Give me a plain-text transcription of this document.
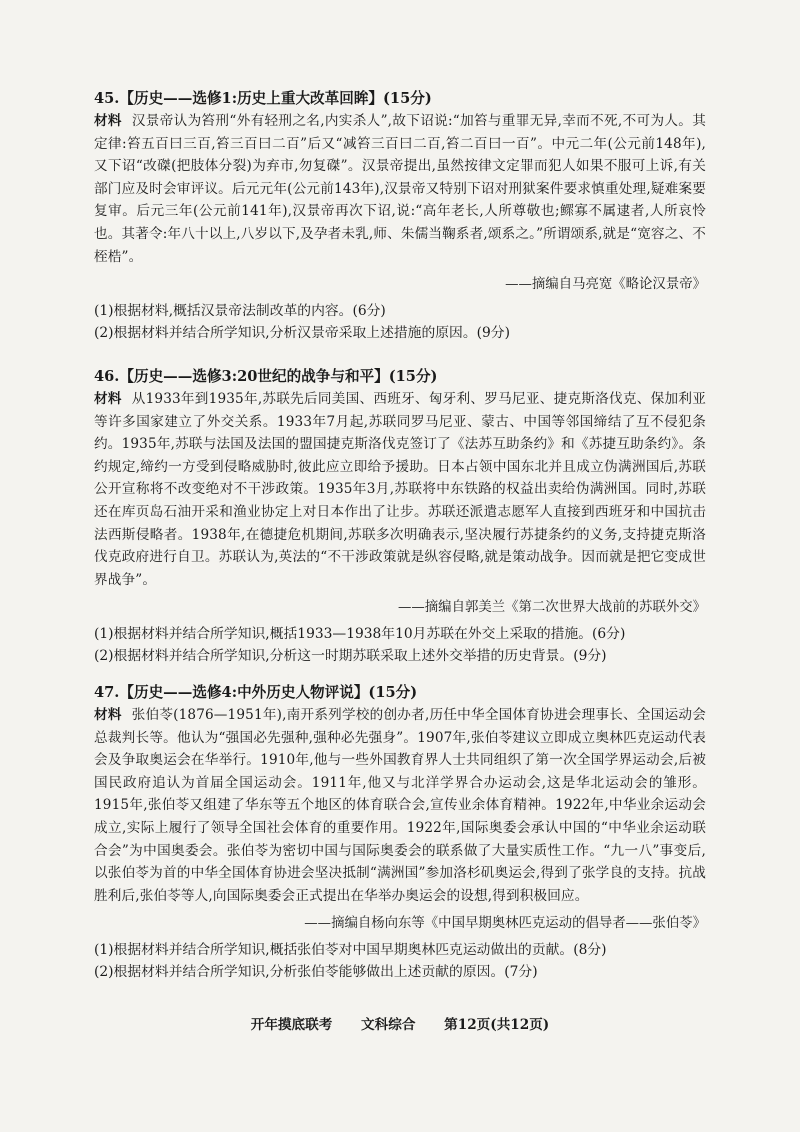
45.【历史——选修1:历史上重大改革回眸】(15分)

材料 汉景帝认为笞刑“外有轻刑之名,内实杀人”,故下诏说:“加笞与重罪无异,幸而不死,不可为人。其定律:笞五百曰三百,笞三百曰二百”后又“减笞三百曰二百,笞二百曰一百”。中元二年(公元前148年),又下诏“改磔(把肢体分裂)为弃市,勿复磔”。汉景帝提出,虽然按律文定罪而犯人如果不服可上诉,有关部门应及时会审评议。后元元年(公元前143年),汉景帝又特别下诏对刑狱案件要求慎重处理,疑难案要复审。后元三年(公元前141年),汉景帝再次下诏,说:“高年老长,人所尊敬也;鳏寡不属逮者,人所哀怜也。其著令:年八十以上,八岁以下,及孕者未乳,师、朱儒当鞠系者,颂系之。”所谓颂系,就是“宽容之、不桎梏”。

——摘编自马亮宽《略论汉景帝》

(1)根据材料,概括汉景帝法制改革的内容。(6分)

(2)根据材料并结合所学知识,分析汉景帝采取上述措施的原因。(9分)

46.【历史——选修3:20世纪的战争与和平】(15分)

材料 从1933年到1935年,苏联先后同美国、西班牙、匈牙利、罗马尼亚、捷克斯洛伐克、保加利亚等许多国家建立了外交关系。1933年7月起,苏联同罗马尼亚、蒙古、中国等邻国缔结了互不侵犯条约。1935年,苏联与法国及法国的盟国捷克斯洛伐克签订了《法苏互助条约》和《苏捷互助条约》。条约规定,缔约一方受到侵略威胁时,彼此应立即给予援助。日本占领中国东北并且成立伪满洲国后,苏联公开宣称将不改变绝对不干涉政策。1935年3月,苏联将中东铁路的权益出卖给伪满洲国。同时,苏联还在库页岛石油开采和渔业协定上对日本作出了让步。苏联还派遣志愿军人直接到西班牙和中国抗击法西斯侵略者。1938年,在德捷危机期间,苏联多次明确表示,坚决履行苏捷条约的义务,支持捷克斯洛伐克政府进行自卫。苏联认为,英法的“不干涉政策就是纵容侵略,就是策动战争。因而就是把它变成世界战争”。

——摘编自郭美兰《第二次世界大战前的苏联外交》

(1)根据材料并结合所学知识,概括1933—1938年10月苏联在外交上采取的措施。(6分)

(2)根据材料并结合所学知识,分析这一时期苏联采取上述外交举措的历史背景。(9分)

47.【历史——选修4:中外历史人物评说】(15分)

材料 张伯苓(1876—1951年),南开系列学校的创办者,历任中华全国体育协进会理事长、全国运动会总裁判长等。他认为“强国必先强种,强种必先强身”。1907年,张伯苓建议立即成立奥林匹克运动代表会及争取奥运会在华举行。1910年,他与一些外国教育界人士共同组织了第一次全国学界运动会,后被国民政府追认为首届全国运动会。1911年,他又与北洋学界合办运动会,这是华北运动会的雏形。1915年,张伯苓又组建了华东等五个地区的体育联合会,宣传业余体育精神。1922年,中华业余运动会成立,实际上履行了领导全国社会体育的重要作用。1922年,国际奥委会承认中国的“中华业余运动联合会”为中国奥委会。张伯苓为密切中国与国际奥委会的联系做了大量实质性工作。“九一八”事变后,以张伯苓为首的中华全国体育协进会坚决抵制“满洲国”参加洛杉矶奥运会,得到了张学良的支持。抗战胜利后,张伯苓等人,向国际奥委会正式提出在华举办奥运会的设想,得到积极回应。

——摘编自杨向东等《中国早期奥林匹克运动的倡导者——张伯苓》

(1)根据材料并结合所学知识,概括张伯苓对中国早期奥林匹克运动做出的贡献。(8分)

(2)根据材料并结合所学知识,分析张伯苓能够做出上述贡献的原因。(7分)

开年摸底联考 文科综合 第12页(共12页)
